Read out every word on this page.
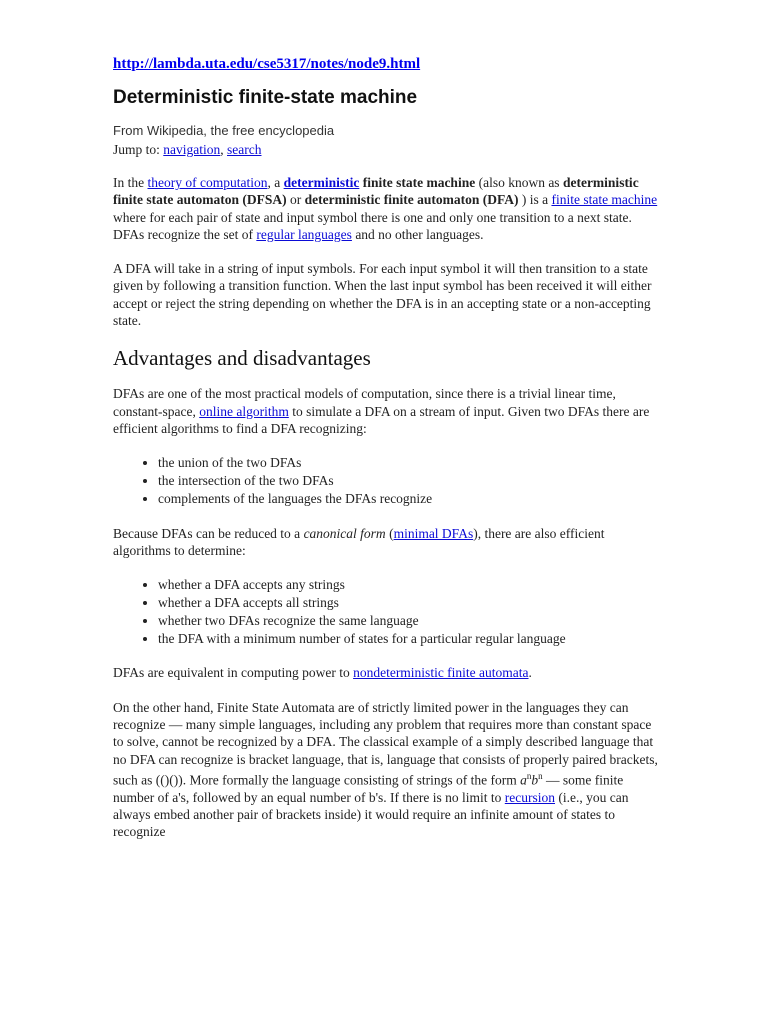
http://lambda.uta.edu/cse5317/notes/node9.html
Deterministic finite-state machine
From Wikipedia, the free encyclopedia
Jump to: navigation, search

In the theory of computation, a deterministic finite state machine (also known as deterministic finite state automaton (DFSA) or deterministic finite automaton (DFA) ) is a finite state machine where for each pair of state and input symbol there is one and only one transition to a next state. DFAs recognize the set of regular languages and no other languages.

A DFA will take in a string of input symbols. For each input symbol it will then transition to a state given by following a transition function. When the last input symbol has been received it will either accept or reject the string depending on whether the DFA is in an accepting state or a non-accepting state.

Advantages and disadvantages

DFAs are one of the most practical models of computation, since there is a trivial linear time, constant-space, online algorithm to simulate a DFA on a stream of input. Given two DFAs there are efficient algorithms to find a DFA recognizing:

• the union of the two DFAs
• the intersection of the two DFAs
• complements of the languages the DFAs recognize

Because DFAs can be reduced to a canonical form (minimal DFAs), there are also efficient algorithms to determine:

• whether a DFA accepts any strings
• whether a DFA accepts all strings
• whether two DFAs recognize the same language
• the DFA with a minimum number of states for a particular regular language

DFAs are equivalent in computing power to nondeterministic finite automata.

On the other hand, Finite State Automata are of strictly limited power in the languages they can recognize — many simple languages, including any problem that requires more than constant space to solve, cannot be recognized by a DFA. The classical example of a simply described language that no DFA can recognize is bracket language, that is, language that consists of properly paired brackets, such as (()()). More formally the language consisting of strings of the form $a^nb^n$ — some finite number of a's, followed by an equal number of b's. If there is no limit to recursion (i.e., you can always embed another pair of brackets inside) it would require an infinite amount of states to recognize
